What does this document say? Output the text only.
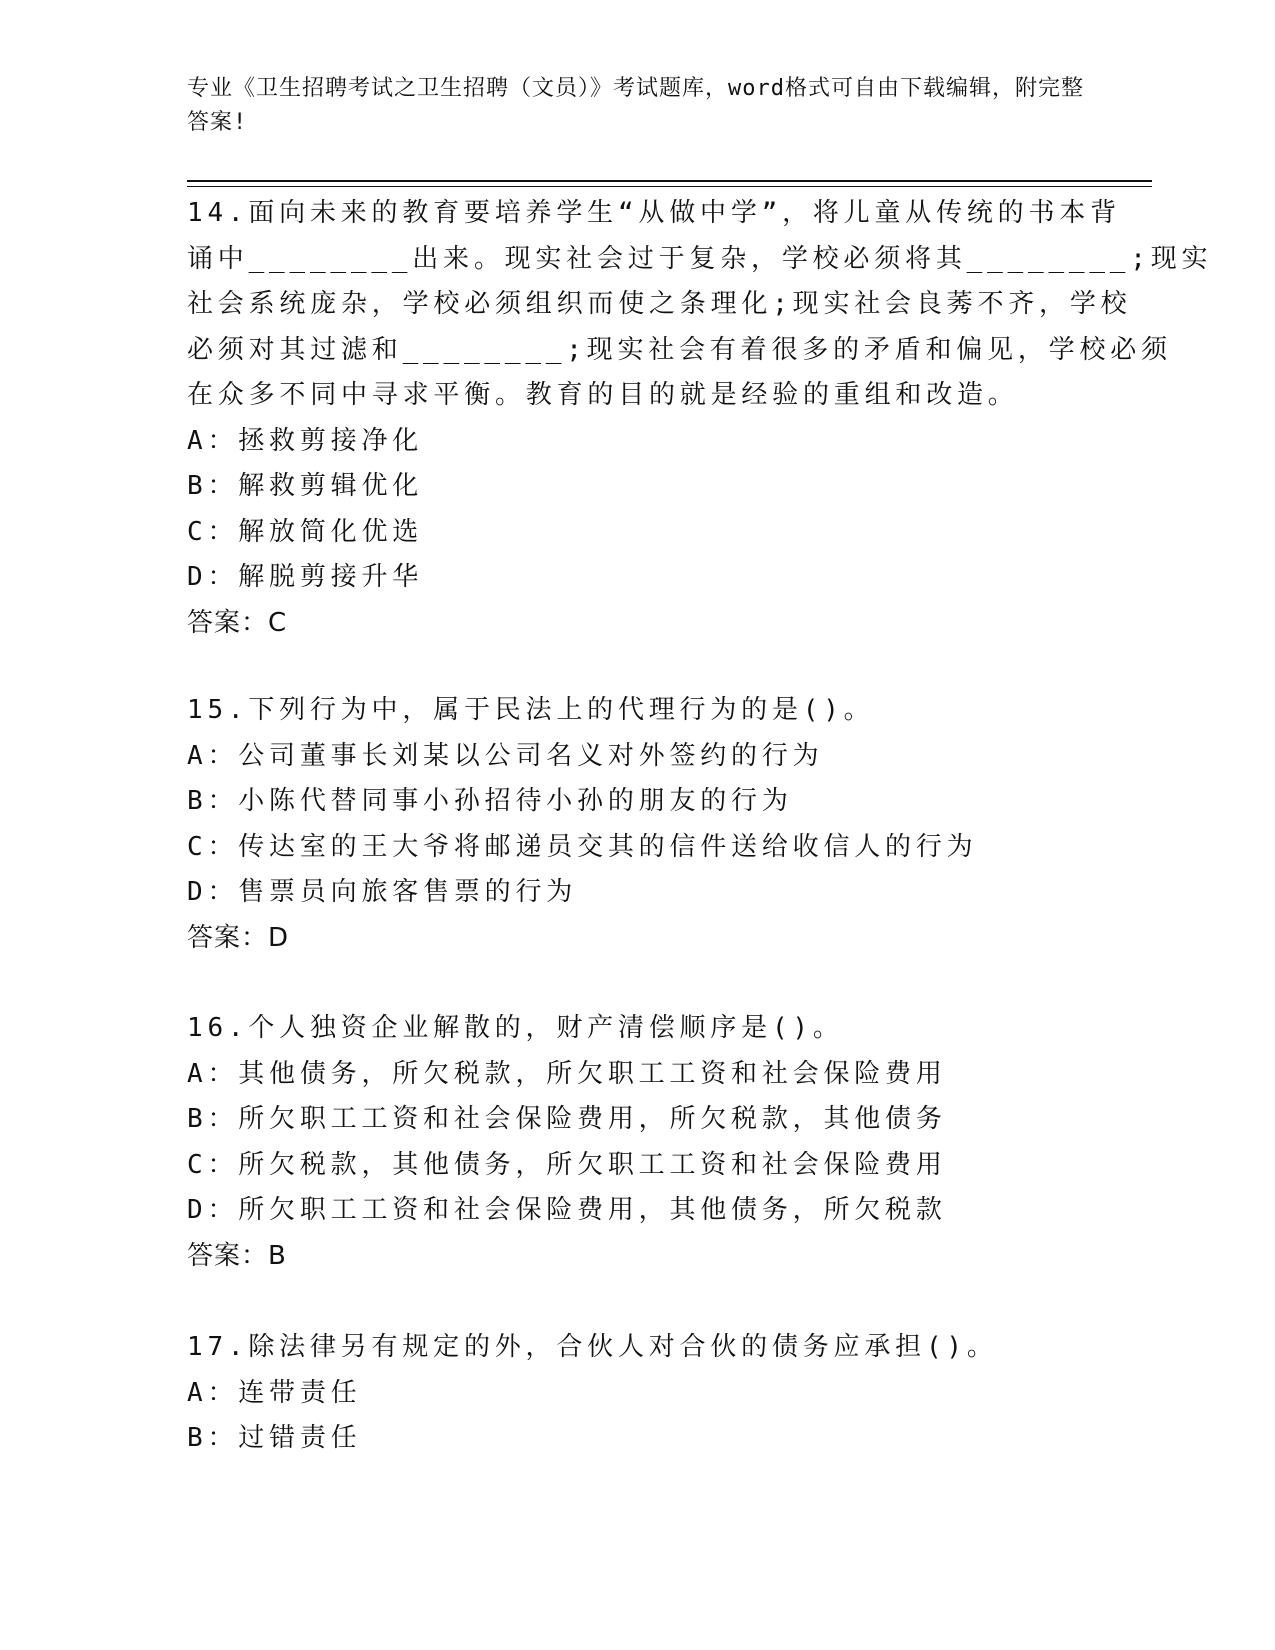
专业《卫生招聘考试之卫生招聘（文员）》考试题库，word格式可自由下载编辑，附完整答案!
14.面向未来的教育要培养学生“从做中学”，将儿童从传统的书本背
诵中________出来。现实社会过于复杂，学校必须将其________;现实
社会系统庞杂，学校必须组织而使之条理化;现实社会良莠不齐，学校
必须对其过滤和________;现实社会有着很多的矛盾和偏见，学校必须
在众多不同中寻求平衡。教育的目的就是经验的重组和改造。
A：拯救剪接净化
B：解救剪辑优化
C：解放简化优选
D：解脱剪接升华
答案：C
15.下列行为中，属于民法上的代理行为的是()。
A：公司董事长刘某以公司名义对外签约的行为
B：小陈代替同事小孙招待小孙的朋友的行为
C：传达室的王大爷将邮递员交其的信件送给收信人的行为
D：售票员向旅客售票的行为
答案：D
16.个人独资企业解散的，财产清偿顺序是()。
A：其他债务，所欠税款，所欠职工工资和社会保险费用
B：所欠职工工资和社会保险费用，所欠税款，其他债务
C：所欠税款，其他债务，所欠职工工资和社会保险费用
D：所欠职工工资和社会保险费用，其他债务，所欠税款
答案：B
17.除法律另有规定的外，合伙人对合伙的债务应承担()。
A：连带责任
B：过错责任
